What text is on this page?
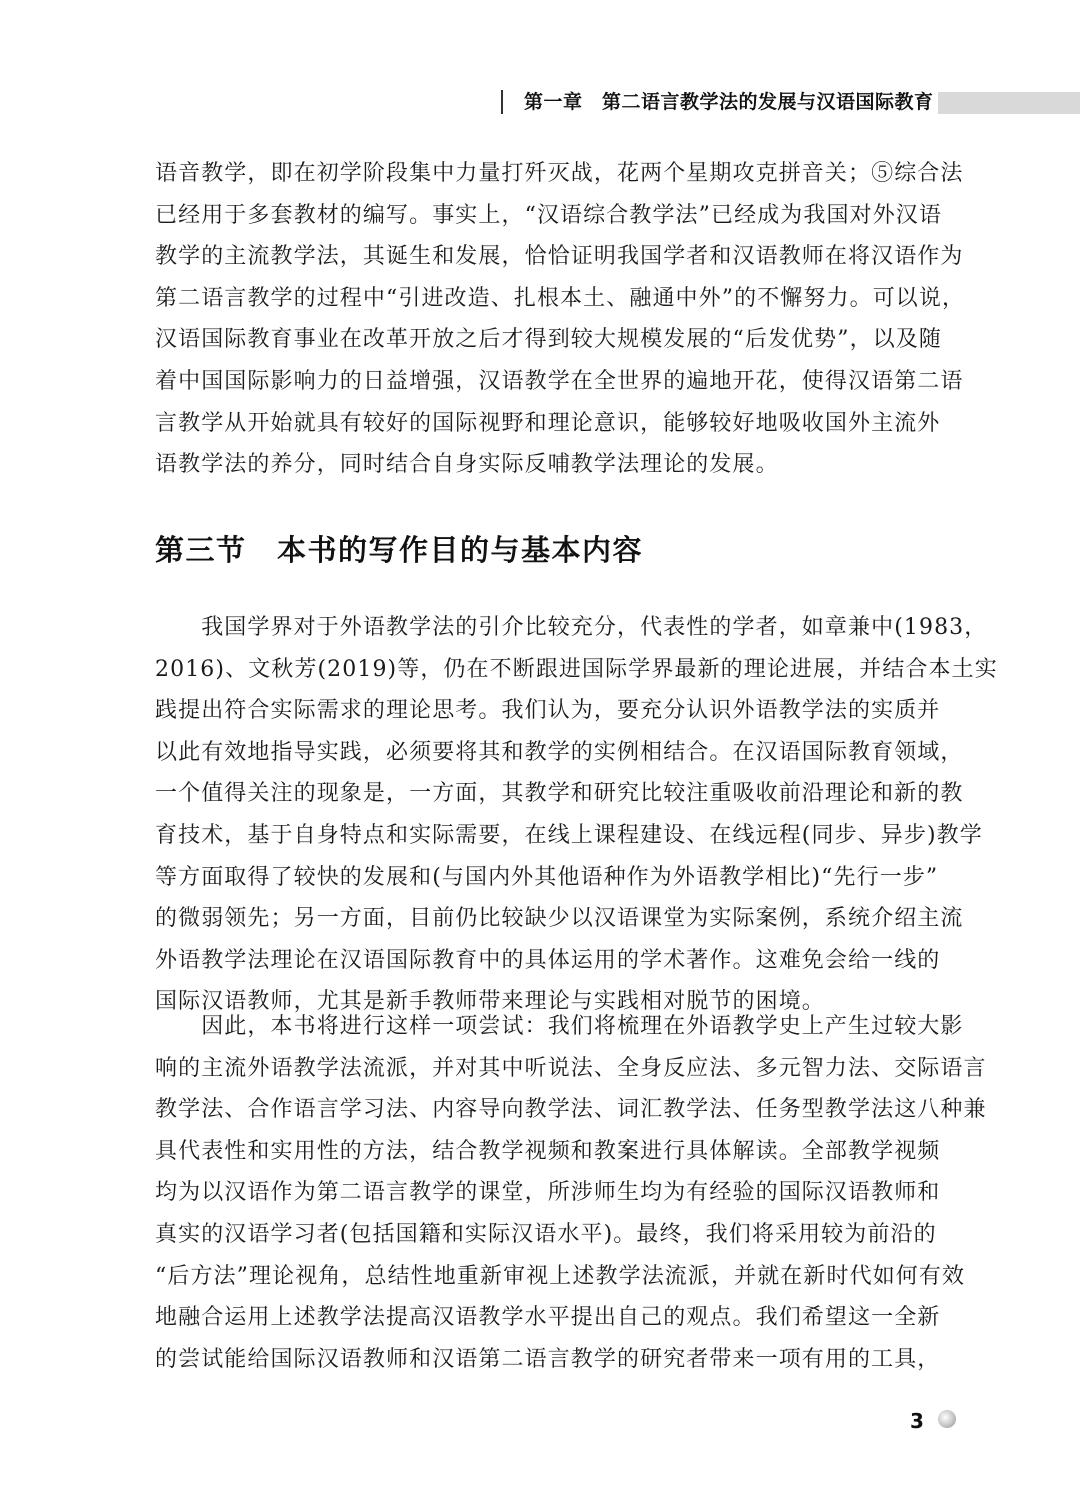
第一章　第二语言教学法的发展与汉语国际教育
语音教学，即在初学阶段集中力量打歼灭战，花两个星期攻克拼音关；⑤综合法
已经用于多套教材的编写。事实上，“汉语综合教学法”已经成为我国对外汉语
教学的主流教学法，其诞生和发展，恰恰证明我国学者和汉语教师在将汉语作为
第二语言教学的过程中“引进改造、扎根本土、融通中外”的不懈努力。可以说，
汉语国际教育事业在改革开放之后才得到较大规模发展的“后发优势”，以及随
着中国国际影响力的日益增强，汉语教学在全世界的遍地开花，使得汉语第二语
言教学从开始就具有较好的国际视野和理论意识，能够较好地吸收国外主流外
语教学法的养分，同时结合自身实际反哺教学法理论的发展。
第三节　本书的写作目的与基本内容
　　我国学界对于外语教学法的引介比较充分，代表性的学者，如章兼中(1983，
2016)、文秋芳(2019)等，仍在不断跟进国际学界最新的理论进展，并结合本土实
践提出符合实际需求的理论思考。我们认为，要充分认识外语教学法的实质并
以此有效地指导实践，必须要将其和教学的实例相结合。在汉语国际教育领域，
一个值得关注的现象是，一方面，其教学和研究比较注重吸收前沿理论和新的教
育技术，基于自身特点和实际需要，在线上课程建设、在线远程(同步、异步)教学
等方面取得了较快的发展和(与国内外其他语种作为外语教学相比)“先行一步”
的微弱领先；另一方面，目前仍比较缺少以汉语课堂为实际案例，系统介绍主流
外语教学法理论在汉语国际教育中的具体运用的学术著作。这难免会给一线的
国际汉语教师，尤其是新手教师带来理论与实践相对脱节的困境。
　　因此，本书将进行这样一项尝试：我们将梳理在外语教学史上产生过较大影
响的主流外语教学法流派，并对其中听说法、全身反应法、多元智力法、交际语言
教学法、合作语言学习法、内容导向教学法、词汇教学法、任务型教学法这八种兼
具代表性和实用性的方法，结合教学视频和教案进行具体解读。全部教学视频
均为以汉语作为第二语言教学的课堂，所涉师生均为有经验的国际汉语教师和
真实的汉语学习者(包括国籍和实际汉语水平)。最终，我们将采用较为前沿的
“后方法”理论视角，总结性地重新审视上述教学法流派，并就在新时代如何有效
地融合运用上述教学法提高汉语教学水平提出自己的观点。我们希望这一全新
的尝试能给国际汉语教师和汉语第二语言教学的研究者带来一项有用的工具，
3
